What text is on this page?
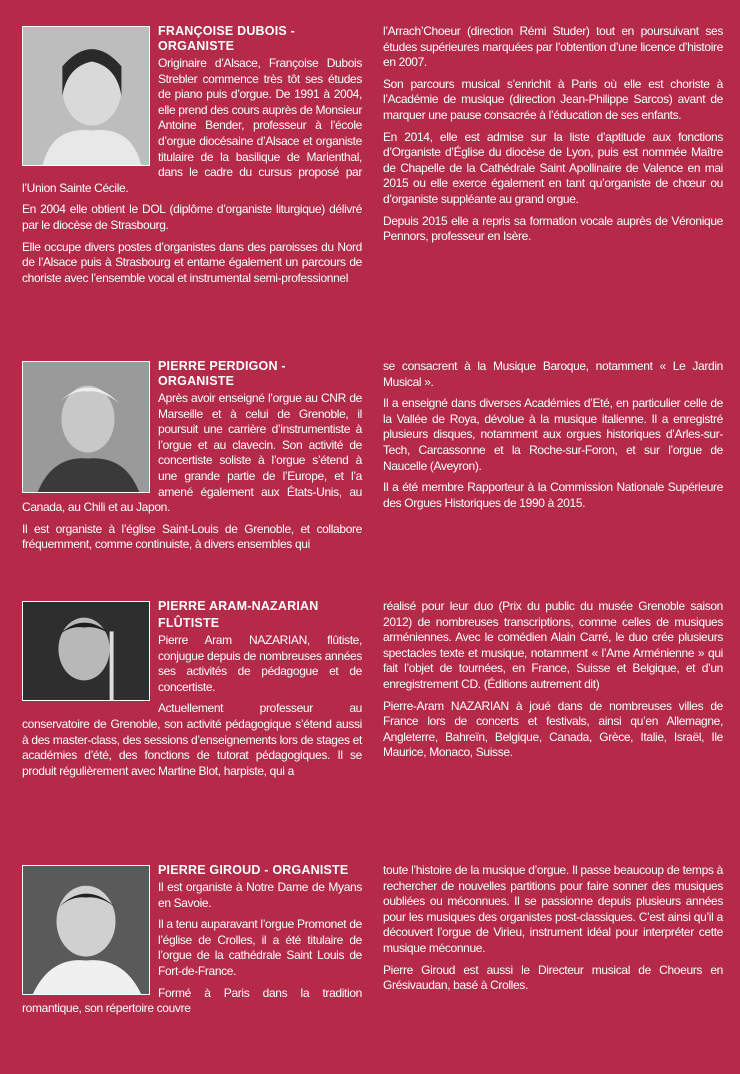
FRANÇOISE DUBOIS - ORGANISTE

Originaire d’Alsace, Françoise Dubois Strebler commence très tôt ses études de piano puis d’orgue. De 1991 à 2004, elle prend des cours auprès de Monsieur Antoine Bender, professeur à l’école d’orgue diocésaine d’Alsace et organiste titulaire de la basilique de Marienthal, dans le cadre du cursus proposé par l’Union Sainte Cécile.

En 2004 elle obtient le DOL (diplôme d’organiste liturgique) délivré par le diocèse de Strasbourg.

Elle occupe divers postes d’organistes dans des paroisses du Nord de l’Alsace puis à Strasbourg et entame également un parcours de choriste avec l’ensemble vocal et instrumental semi-professionnel

l’Arrach’Choeur (direction Rémi Studer) tout en poursuivant ses études supérieures marquées par l’obtention d’une licence d’histoire en 2007.

Son parcours musical s’enrichit à Paris où elle est choriste à l’Académie de musique (direction Jean-Philippe Sarcos) avant de marquer une pause consacrée à l’éducation de ses enfants.

En 2014, elle est admise sur la liste d’aptitude aux fonctions d’Organiste d’Église du diocèse de Lyon, puis est nommée Maître de Chapelle de la Cathédrale Saint Apollinaire de Valence en mai 2015 ou elle exerce également en tant qu’organiste de chœur ou d’organiste suppléante au grand orgue.

Depuis 2015 elle a repris sa formation vocale auprès de Véronique Pennors, professeur en Isère.

PIERRE PERDIGON - ORGANISTE

Après avoir enseigné l’orgue au CNR de Marseille et à celui de Grenoble, il poursuit une carrière d’instrumentiste à l’orgue et au clavecin. Son activité de concertiste soliste à l’orgue s’étend à une grande partie de l’Europe, et l’a amené également aux États-Unis, au Canada, au Chili et au Japon.

Il est organiste à l’église Saint-Louis de Grenoble, et collabore fréquemment, comme continuiste, à divers ensembles qui

se consacrent à la Musique Baroque, notamment « Le Jardin Musical ».

Il a enseigné dans diverses Académies d’Eté, en particulier celle de la Vallée de Roya, dévolue à la musique italienne. Il a enregistré plusieurs disques, notamment aux orgues historiques d’Arles-sur-Tech, Carcassonne et la Roche-sur-Foron, et sur l’orgue de Naucelle (Aveyron).

Il a été membre Rapporteur à la Commission Nationale Supérieure des Orgues Historiques de 1990 à 2015.

PIERRE ARAM-NAZARIAN
FLÛTISTE

Pierre Aram NAZARIAN, flûtiste, conjugue depuis de nombreuses années ses activités de pédagogue et de concertiste.

Actuellement professeur au conservatoire de Grenoble, son activité pédagogique s’étend aussi à des master-class, des sessions d’enseignements lors de stages et académies d’été, des fonctions de tutorat pédagogiques. Il se produit régulièrement avec Martine Blot, harpiste, qui a

réalisé pour leur duo (Prix du public du musée Grenoble saison 2012) de nombreuses transcriptions, comme celles de musiques arméniennes. Avec le comédien Alain Carré, le duo crée plusieurs spectacles texte et musique, notamment « l’Ame Arménienne » qui fait l’objet de tournées, en France, Suisse et Belgique, et d’un enregistrement CD. (Éditions autrement dit)

Pierre-Aram NAZARIAN à joué dans de nombreuses villes de France lors de concerts et festivals, ainsi qu’en Allemagne, Angleterre, Bahreïn, Belgique, Canada, Grèce, Italie, Israël, Ile Maurice, Monaco, Suisse.

PIERRE GIROUD - ORGANISTE

Il est organiste à Notre Dame de Myans en Savoie.

Il a tenu auparavant l’orgue Promonet de l’église de Crolles, il a été titulaire de l’orgue de la cathédrale Saint Louis de Fort-de-France.

Formé à Paris dans la tradition romantique, son répertoire couvre

toute l’histoire de la musique d’orgue. Il passe beaucoup de temps à rechercher de nouvelles partitions pour faire sonner des musiques oubliées ou méconnues. Il se passionne depuis plusieurs années pour les musiques des organistes post-classiques. C’est ainsi qu’il a découvert l’orgue de Virieu, instrument idéal pour interpréter cette musique méconnue.

Pierre Giroud est aussi le Directeur musical de Choeurs en Grésivaudan, basé à Crolles.
